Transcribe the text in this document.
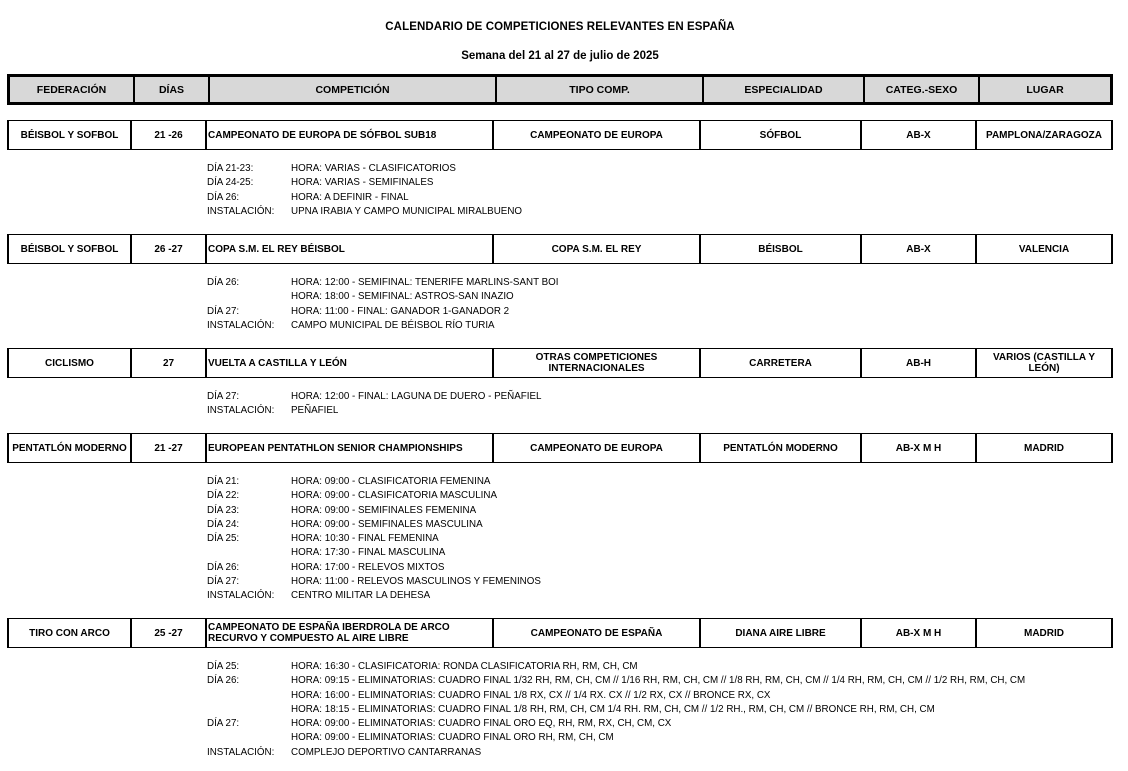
CALENDARIO DE COMPETICIONES RELEVANTES EN ESPAÑA
Semana del 21 al 27 de julio de 2025
FEDERACIÓN	DÍAS	COMPETICIÓN	TIPO COMP.	ESPECIALIDAD	CATEG.-SEXO	LUGAR
BÉISBOL Y SOFBOL	21 -26	CAMPEONATO DE EUROPA DE SÓFBOL SUB18	CAMPEONATO DE EUROPA	SÓFBOL	AB-X	PAMPLONA/ZARAGOZA
DÍA 21-23:	HORA: VARIAS - CLASIFICATORIOS
DÍA 24-25:	HORA: VARIAS - SEMIFINALES
DÍA 26:	HORA: A DEFINIR - FINAL
INSTALACIÓN:	UPNA IRABIA Y CAMPO MUNICIPAL MIRALBUENO
BÉISBOL Y SOFBOL	26 -27	COPA S.M. EL REY BÉISBOL	COPA S.M. EL REY	BÉISBOL	AB-X	VALENCIA
DÍA 26:	HORA: 12:00 - SEMIFINAL: TENERIFE MARLINS-SANT BOI
HORA: 18:00 - SEMIFINAL: ASTROS-SAN INAZIO
DÍA 27:	HORA: 11:00 - FINAL: GANADOR 1-GANADOR 2
INSTALACIÓN:	CAMPO MUNICIPAL DE BÉISBOL RÍO TURIA
CICLISMO	27	VUELTA A CASTILLA Y LEÓN	OTRAS COMPETICIONES INTERNACIONALES	CARRETERA	AB-H	VARIOS (CASTILLA Y LEÓN)
DÍA 27:	HORA: 12:00 - FINAL: LAGUNA DE DUERO - PEÑAFIEL
INSTALACIÓN:	PEÑAFIEL
PENTATLÓN MODERNO	21 -27	EUROPEAN PENTATHLON SENIOR CHAMPIONSHIPS	CAMPEONATO DE EUROPA	PENTATLÓN MODERNO	AB-X M H	MADRID
DÍA 21:	HORA: 09:00 - CLASIFICATORIA FEMENINA
DÍA 22:	HORA: 09:00 - CLASIFICATORIA MASCULINA
DÍA 23:	HORA: 09:00 - SEMIFINALES FEMENINA
DÍA 24:	HORA: 09:00 - SEMIFINALES MASCULINA
DÍA 25:	HORA: 10:30 - FINAL FEMENINA
HORA: 17:30 - FINAL MASCULINA
DÍA 26:	HORA: 17:00 - RELEVOS MIXTOS
DÍA 27:	HORA: 11:00 - RELEVOS MASCULINOS Y FEMENINOS
INSTALACIÓN:	CENTRO MILITAR LA DEHESA
TIRO CON ARCO	25 -27	CAMPEONATO DE ESPAÑA IBERDROLA DE ARCO RECURVO Y COMPUESTO AL AIRE LIBRE	CAMPEONATO DE ESPAÑA	DIANA AIRE LIBRE	AB-X M H	MADRID
DÍA 25:	HORA: 16:30 - CLASIFICATORIA: RONDA CLASIFICATORIA RH, RM, CH, CM
DÍA 26:	HORA: 09:15 - ELIMINATORIAS: CUADRO FINAL 1/32 RH, RM, CH, CM // 1/16 RH, RM, CH, CM // 1/8 RH, RM, CH, CM // 1/4 RH, RM, CH, CM // 1/2 RH, RM, CH, CM
HORA: 16:00 - ELIMINATORIAS: CUADRO FINAL 1/8 RX, CX // 1/4 RX. CX // 1/2 RX, CX // BRONCE RX, CX
HORA: 18:15 - ELIMINATORIAS: CUADRO FINAL 1/8 RH, RM, CH, CM 1/4 RH. RM, CH, CM // 1/2 RH., RM, CH, CM // BRONCE RH, RM, CH, CM
DÍA 27:	HORA: 09:00 - ELIMINATORIAS: CUADRO FINAL ORO EQ, RH, RM, RX, CH, CM, CX
HORA: 09:00 - ELIMINATORIAS: CUADRO FINAL ORO RH, RM, CH, CM
INSTALACIÓN:	COMPLEJO DEPORTIVO CANTARRANAS
